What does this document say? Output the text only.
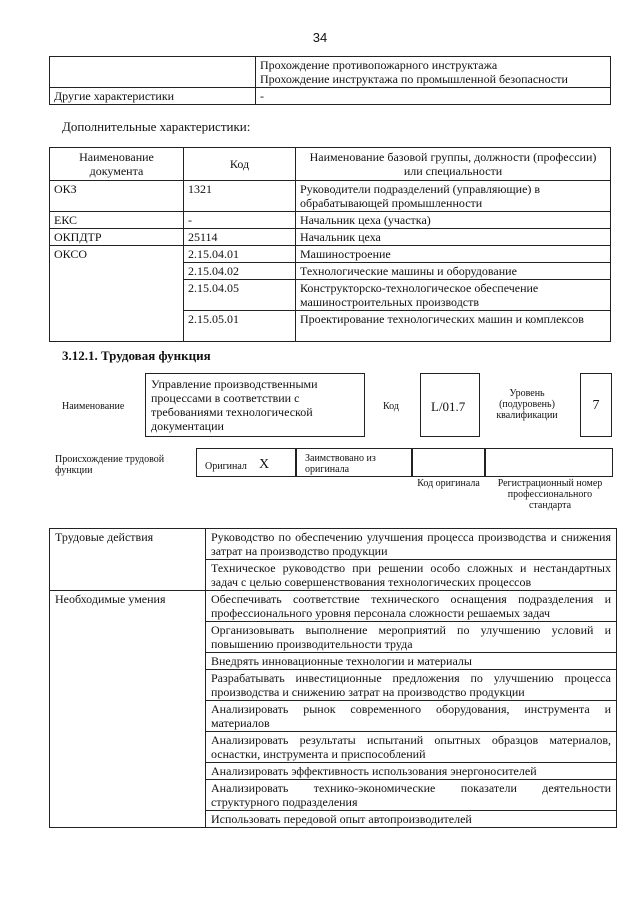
34

	Прохождение противопожарного инструктажа
Прохождение инструктажа по промышленной безопасности

Другие характеристики	-
Дополнительные характеристики:
Наименование документа	Код	Наименование базовой группы, должности (профессии) или специальности
ОКЗ	1321	Руководители подразделений (управляющие) в обрабатывающей промышленности
ЕКС	-	Начальник цеха (участка)
ОКПДТР	25114	Начальник цеха
ОКСО	2.15.04.01	Машиностроение
	2.15.04.02	Технологические машины и оборудование
	2.15.04.05	Конструкторско-технологическое обеспечение машиностроительных производств
	2.15.05.01	Проектирование технологических машин и комплексов
3.12.1. Трудовая функция
Наименование
Управление производственными процессами в соответствии с требованиями технологической документации
Код	L/01.7
Уровень (подуровень) квалификации
7
Происхождение трудовой функции	Оригинал X	Заимствовано из оригинала
Код оригинала	Регистрационный номер профессионального стандарта
Трудовые действия	Руководство по обеспечению улучшения процесса производства и снижения затрат на производство продукции
	Техническое руководство при решении особо сложных и нестандартных задач с целью совершенствования технологических процессов
Необходимые умения	Обеспечивать соответствие технического оснащения подразделения и профессионального уровня персонала сложности решаемых задач
	Организовывать выполнение мероприятий по улучшению условий и повышению производительности труда
	Внедрять инновационные технологии и материалы
	Разрабатывать инвестиционные предложения по улучшению процесса производства и снижению затрат на производство продукции
	Анализировать рынок современного оборудования, инструмента и материалов
	Анализировать результаты испытаний опытных образцов материалов, оснастки, инструмента и приспособлений
	Анализировать эффективность использования энергоносителей
	Анализировать технико-экономические показатели деятельности структурного подразделения
	Использовать передовой опыт автопроизводителей
